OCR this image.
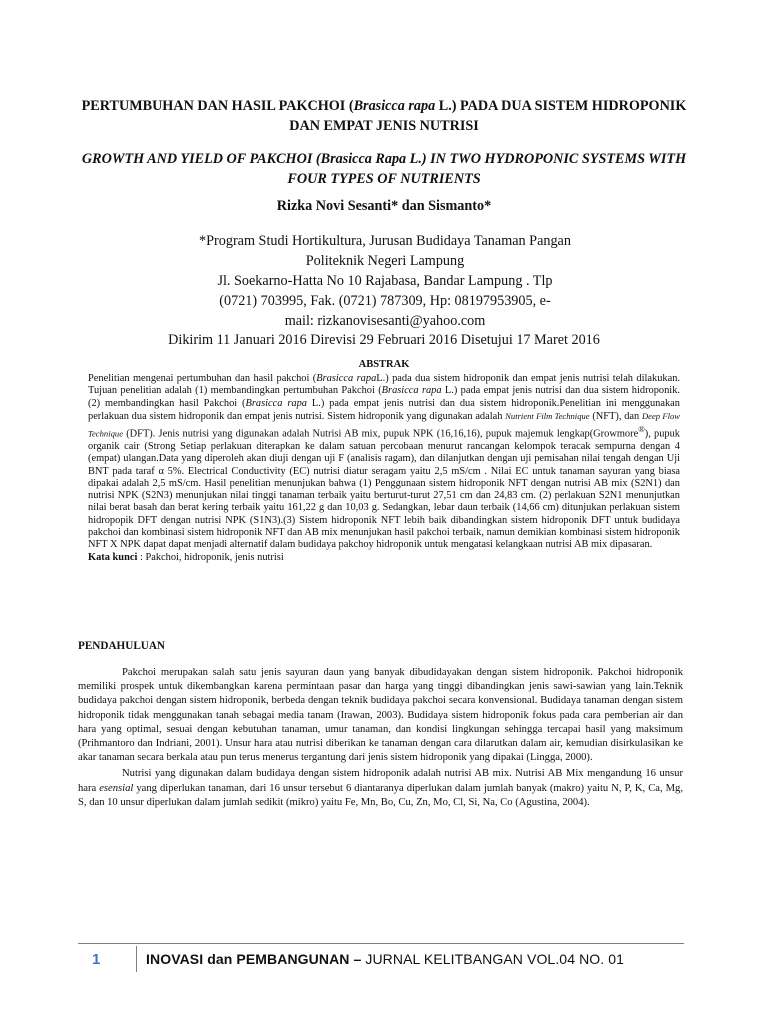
PERTUMBUHAN DAN HASIL PAKCHOI (Brasicca rapa L.) PADA DUA SISTEM HIDROPONIK DAN EMPAT JENIS NUTRISI
GROWTH AND YIELD OF PAKCHOI (Brasicca Rapa L.) IN TWO HYDROPONIC SYSTEMS WITH FOUR TYPES OF NUTRIENTS
Rizka Novi Sesanti* dan Sismanto*
*Program Studi Hortikultura, Jurusan Budidaya Tanaman Pangan
Politeknik Negeri Lampung
Jl. Soekarno-Hatta No 10 Rajabasa, Bandar Lampung . Tlp
(0721) 703995, Fak. (0721) 787309, Hp: 08197953905, e-
mail: rizkanovisesanti@yahoo.com
Dikirim 11 Januari 2016 Direvisi 29 Februari 2016 Disetujui 17 Maret 2016
ABSTRAK

Penelitian mengenai pertumbuhan dan hasil pakchoi (Brasicca rapaL.) pada dua sistem hidroponik dan empat jenis nutrisi telah dilakukan. Tujuan penelitian adalah (1) membandingkan pertumbuhan Pakchoi (Brasicca rapa L.) pada empat jenis nutrisi dan dua sistem hidroponik. (2) membandingkan hasil Pakchoi (Brasicca rapa L.) pada empat jenis nutrisi dan dua sistem hidroponik.Penelitian ini menggunakan perlakuan dua sistem hidroponik dan empat jenis nutrisi. Sistem hidroponik yang digunakan adalah Nutrient Film Technique (NFT), dan Deep Flow Technique (DFT). Jenis nutrisi yang digunakan adalah Nutrisi AB mix, pupuk NPK (16,16,16), pupuk majemuk lengkap(Growmore®), pupuk organik cair (Strong Setiap perlakuan diterapkan ke dalam satuan percobaan menurut rancangan kelompok teracak sempurna dengan 4 (empat) ulangan.Data yang diperoleh akan diuji dengan uji F (analisis ragam), dan dilanjutkan dengan uji pemisahan nilai tengah dengan Uji BNT pada taraf α 5%. Electrical Conductivity (EC) nutrisi diatur seragam yaitu 2,5 mS/cm . Nilai EC untuk tanaman sayuran yang biasa dipakai adalah 2,5 mS/cm. Hasil penelitian menunjukan bahwa (1) Penggunaan sistem hidroponik NFT dengan nutrisi AB mix (S2N1) dan nutrisi NPK (S2N3) menunjukan nilai tinggi tanaman terbaik yaitu berturut-turut 27,51 cm dan 24,83 cm. (2) perlakuan S2N1 menunjutkan nilai berat basah dan berat kering terbaik yaitu 161,22 g dan 10,03 g. Sedangkan, lebar daun terbaik (14,66 cm) ditunjukan perlakuan sistem hidropopik DFT dengan nutrisi NPK (S1N3).(3) Sistem hidroponik NFT lebih baik dibandingkan sistem hidroponik DFT untuk budidaya pakchoi dan kombinasi sistem hidroponik NFT dan AB mix menunjukan hasil pakchoi terbaik, namun demikian kombinasi sistem hidroponik NFT X NPK dapat dapat menjadi alternatif dalam budidaya pakchoy hidroponik untuk mengatasi kelangkaan nutrisi AB mix dipasaran.

Kata kunci : Pakchoi, hidroponik, jenis nutrisi

PENDAHULUAN

Pakchoi merupakan salah satu jenis sayuran daun yang banyak dibudidayakan dengan sistem hidroponik. Pakchoi hidroponik memiliki prospek untuk dikembangkan karena permintaan pasar dan harga yang tinggi dibandingkan jenis sawi-sawian yang lain.Teknik budidaya pakchoi dengan sistem hidroponik, berbeda dengan teknik budidaya pakchoi secara konvensional. Budidaya tanaman dengan sistem hidroponik tidak menggunakan tanah sebagai media tanam (Irawan, 2003). Budidaya sistem hidroponik fokus pada cara pemberian air dan hara yang optimal, sesuai dengan kebutuhan tanaman, umur tanaman, dan kondisi lingkungan sehingga tercapai hasil yang maksimum (Prihmantoro dan Indriani, 2001). Unsur hara atau nutrisi diberikan ke tanaman dengan cara dilarutkan dalam air, kemudian disirkulasikan ke akar tanaman secara berkala atau pun terus menerus tergantung dari jenis sistem hidroponik yang dipakai (Lingga, 2000).

Nutrisi yang digunakan dalam budidaya dengan sistem hidroponik adalah nutrisi AB mix. Nutrisi AB Mix mengandung 16 unsur hara esensial yang diperlukan tanaman, dari 16 unsur tersebut 6 diantaranya diperlukan dalam jumlah banyak (makro) yaitu N, P, K, Ca, Mg, S, dan 10 unsur diperlukan dalam jumlah sedikit (mikro) yaitu Fe, Mn, Bo, Cu, Zn, Mo, Cl, Si, Na, Co (Agustina, 2004).

1	INOVASI dan PEMBANGUNAN – JURNAL KELITBANGAN VOL.04 NO. 01
